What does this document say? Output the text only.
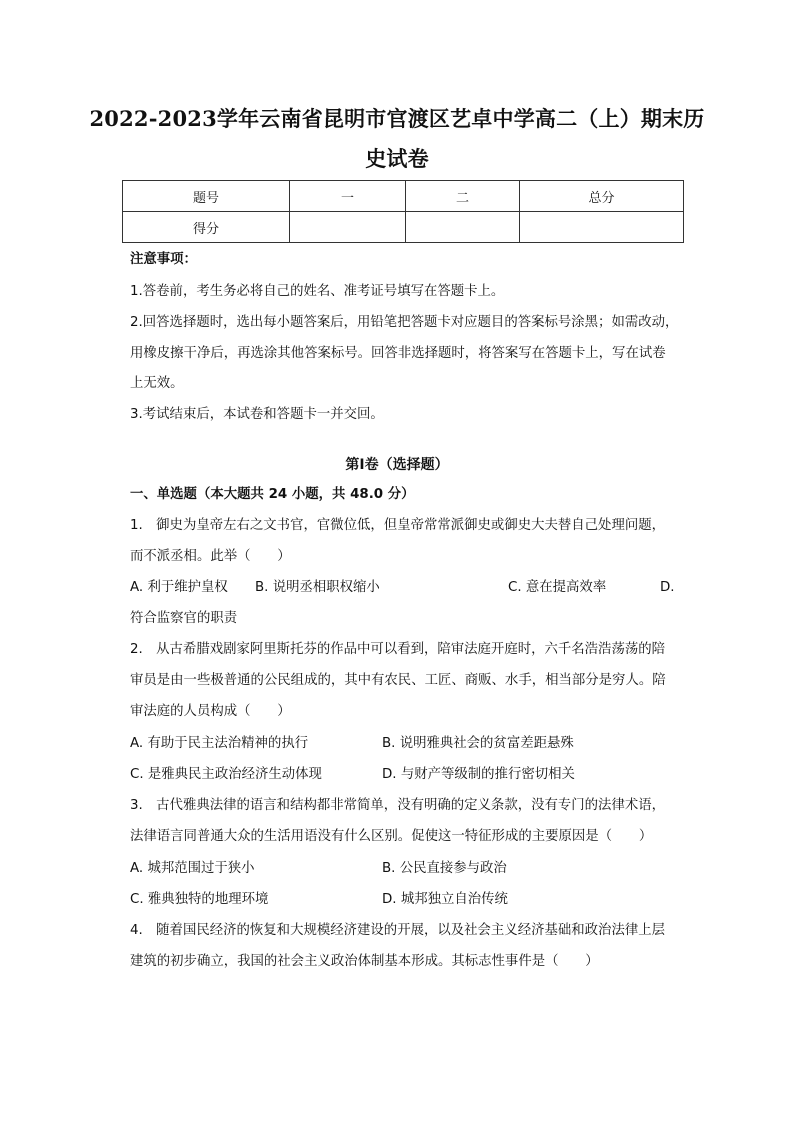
2022-2023学年云南省昆明市官渡区艺卓中学高二（上）期末历
史试卷
题号	一	二	总分
得分			
注意事项：
1.答卷前，考生务必将自己的姓名、准考证号填写在答题卡上。
2.回答选择题时，选出每小题答案后，用铅笔把答题卡对应题目的答案标号涂黑；如需改动，
用橡皮擦干净后，再选涂其他答案标号。回答非选择题时，将答案写在答题卡上，写在试卷
上无效。
3.考试结束后，本试卷和答题卡一并交回。
第Ⅰ卷（选择题）
一、单选题（本大题共 24 小题，共 48.0 分）
1.　御史为皇帝左右之文书官，官微位低，但皇帝常常派御史或御史大夫替自己处理问题，
而不派丞相。此举（　　）
A. 利于维护皇权 B. 说明丞相职权缩小	C. 意在提高效率	D.
符合监察官的职责
2.　从古希腊戏剧家阿里斯托芬的作品中可以看到，陪审法庭开庭时，六千名浩浩荡荡的陪
审员是由一些极普通的公民组成的，其中有农民、工匠、商贩、水手，相当部分是穷人。陪
审法庭的人员构成（　　）
A. 有助于民主法治精神的执行	B. 说明雅典社会的贫富差距悬殊
C. 是雅典民主政治经济生动体现	D. 与财产等级制的推行密切相关
3.　古代雅典法律的语言和结构都非常简单，没有明确的定义条款，没有专门的法律术语，
法律语言同普通大众的生活用语没有什么区别。促使这一特征形成的主要原因是（　　）
A. 城邦范围过于狭小	B. 公民直接参与政治
C. 雅典独特的地理环境	D. 城邦独立自治传统
4.　随着国民经济的恢复和大规模经济建设的开展，以及社会主义经济基础和政治法律上层
建筑的初步确立，我国的社会主义政治体制基本形成。其标志性事件是（　　）
